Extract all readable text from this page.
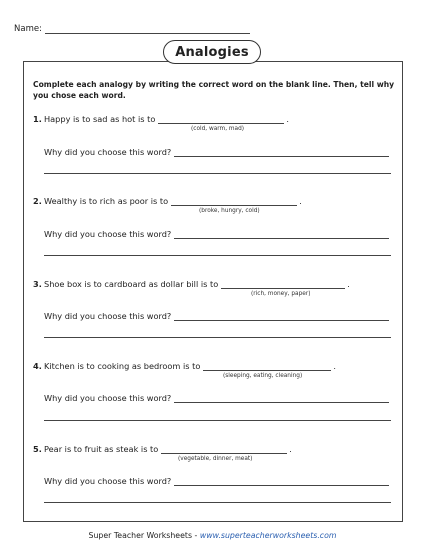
Name:
Analogies
Complete each analogy by writing the correct word on the blank line. Then, tell why you chose each word.
1. Happy is to sad as hot is to	.
(cold, warm, mad)
Why did you choose this word?
2. Wealthy is to rich as poor is to	.
(broke, hungry, cold)
Why did you choose this word?
3. Shoe box is to cardboard as dollar bill is to	.
(rich, money, paper)
Why did you choose this word?
4. Kitchen is to cooking as bedroom is to	.
(sleeping, eating, cleaning)
Why did you choose this word?
5. Pear is to fruit as steak is to	.
(vegetable, dinner, meat)
Why did you choose this word?
Super Teacher Worksheets - www.superteacherworksheets.com
